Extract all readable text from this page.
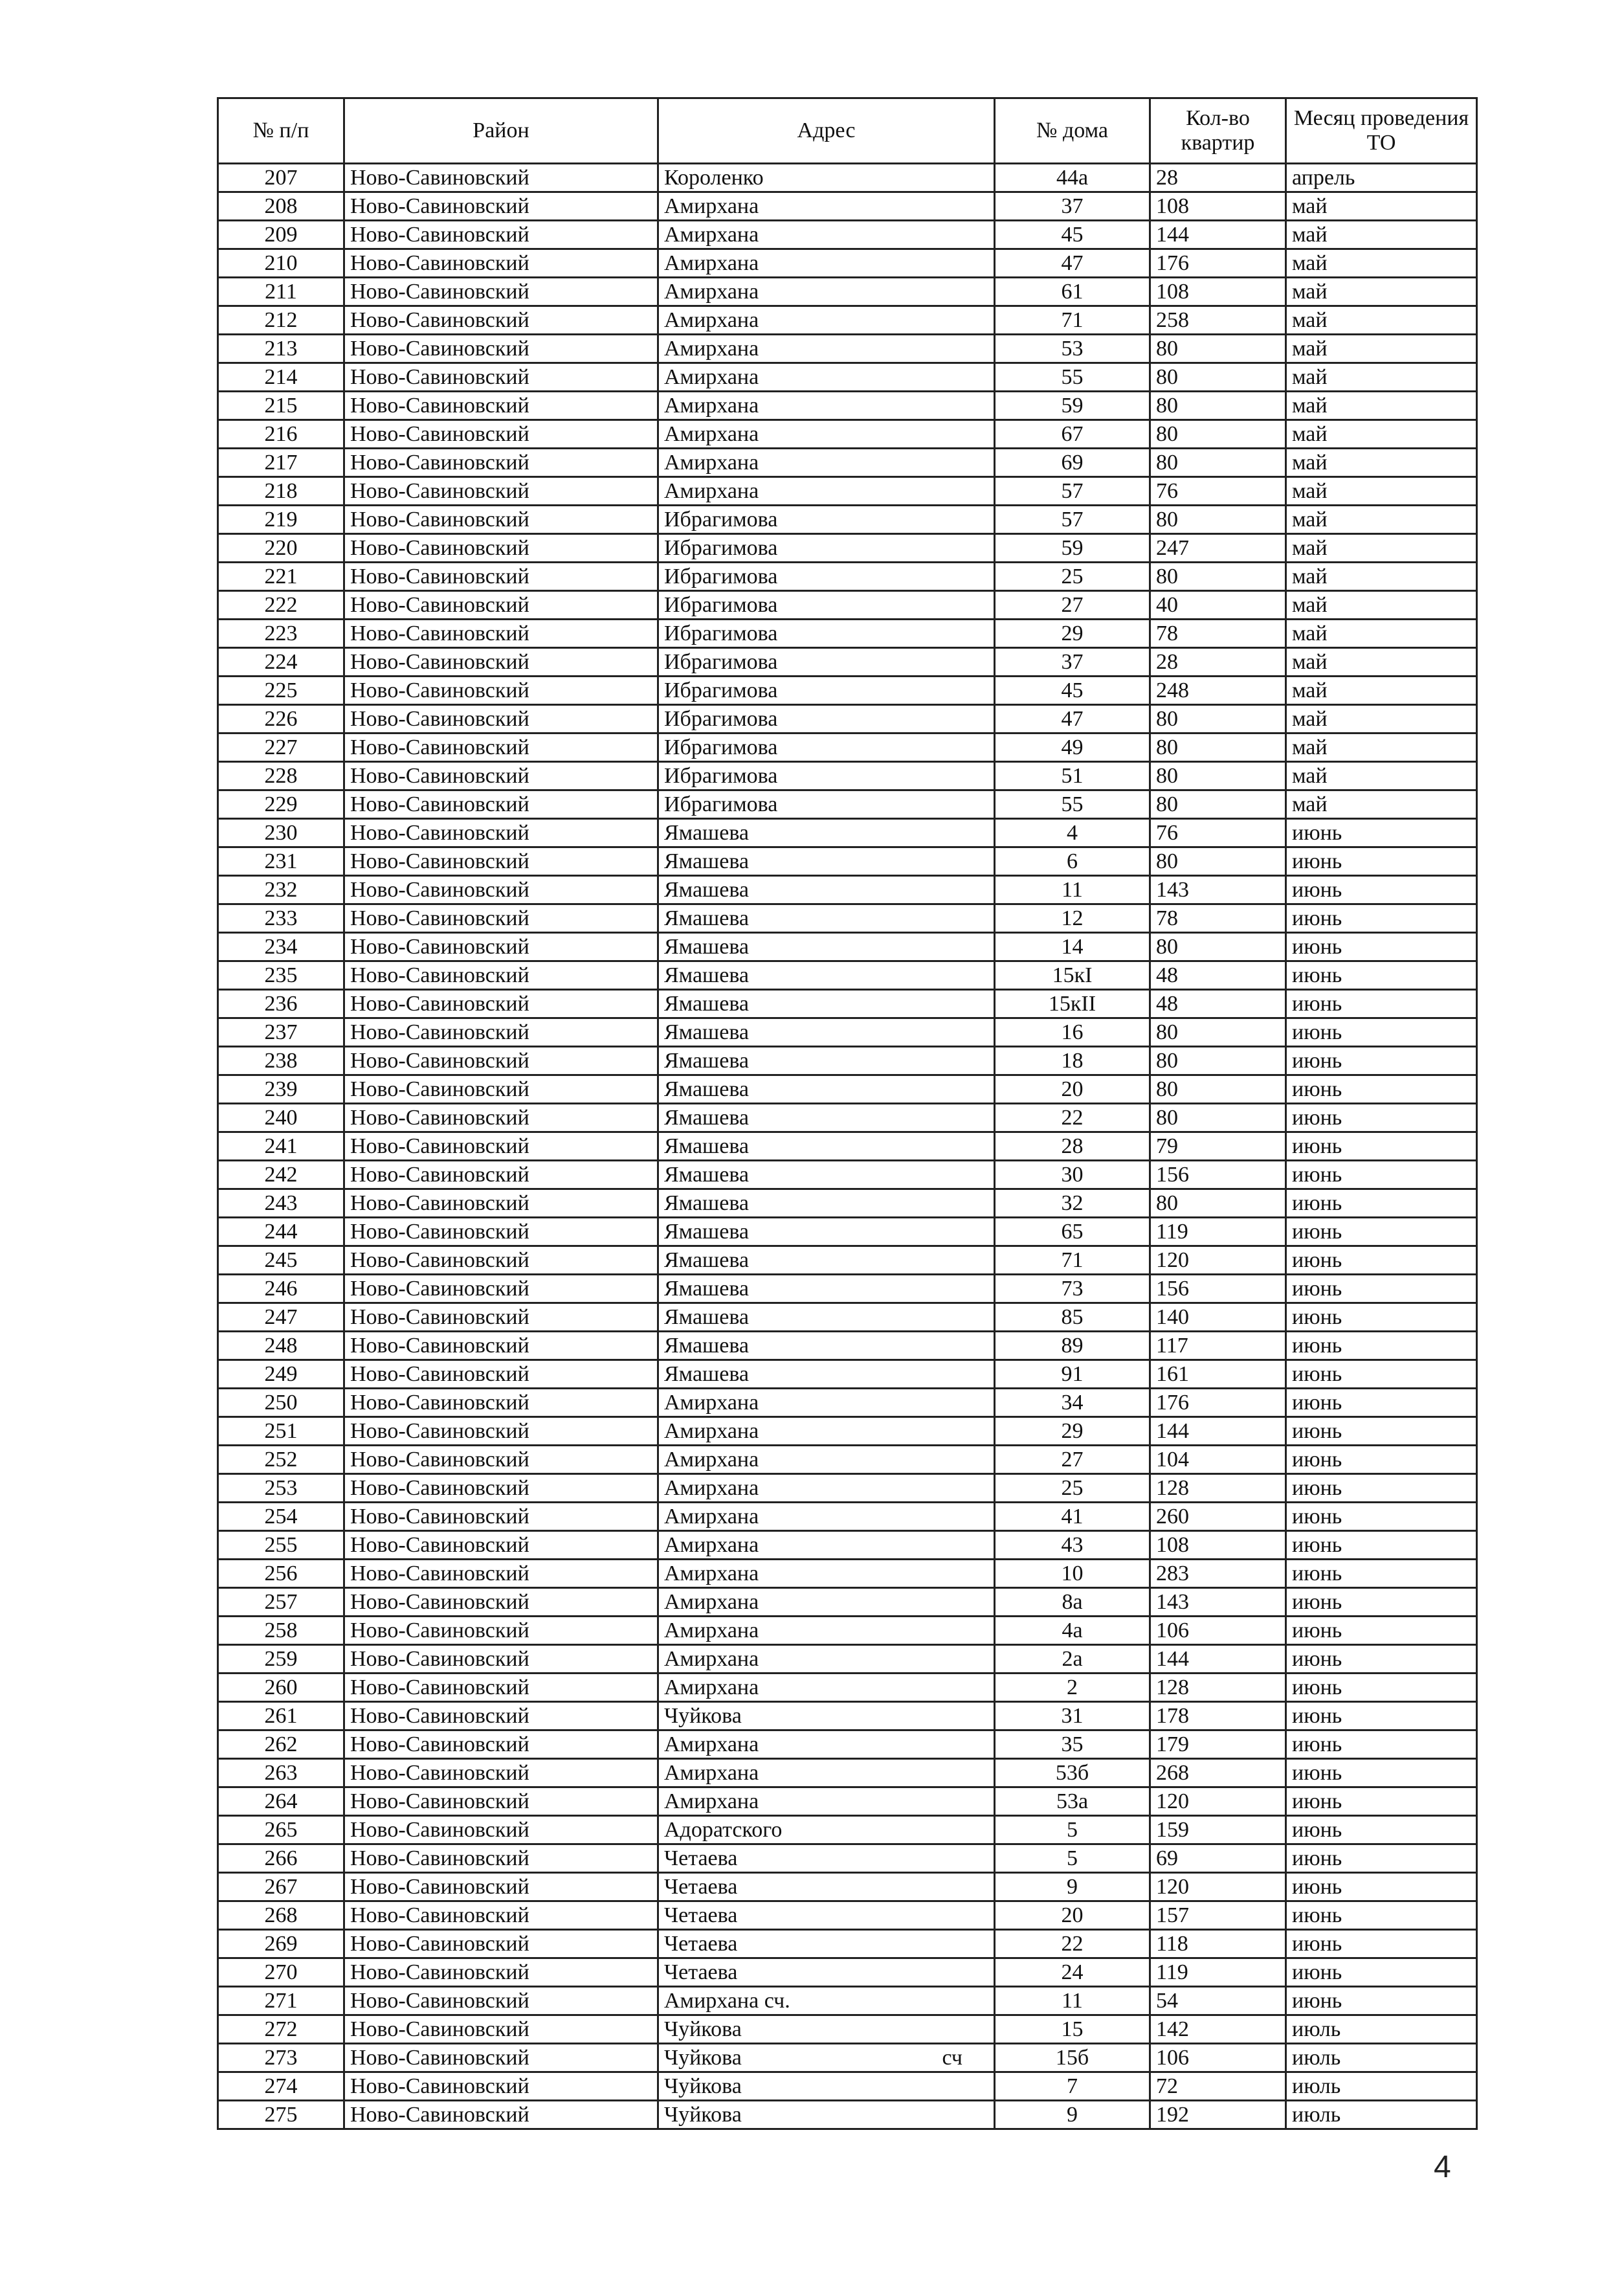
№ п/п	Район	Адрес	№ дома	Кол-во квартир	Месяц проведения ТО
207	Ново-Савиновский	Короленко	44а	28	апрель
208	Ново-Савиновский	Амирхана	37	108	май
209	Ново-Савиновский	Амирхана	45	144	май
210	Ново-Савиновский	Амирхана	47	176	май
211	Ново-Савиновский	Амирхана	61	108	май
212	Ново-Савиновский	Амирхана	71	258	май
213	Ново-Савиновский	Амирхана	53	80	май
214	Ново-Савиновский	Амирхана	55	80	май
215	Ново-Савиновский	Амирхана	59	80	май
216	Ново-Савиновский	Амирхана	67	80	май
217	Ново-Савиновский	Амирхана	69	80	май
218	Ново-Савиновский	Амирхана	57	76	май
219	Ново-Савиновский	Ибрагимова	57	80	май
220	Ново-Савиновский	Ибрагимова	59	247	май
221	Ново-Савиновский	Ибрагимова	25	80	май
222	Ново-Савиновский	Ибрагимова	27	40	май
223	Ново-Савиновский	Ибрагимова	29	78	май
224	Ново-Савиновский	Ибрагимова	37	28	май
225	Ново-Савиновский	Ибрагимова	45	248	май
226	Ново-Савиновский	Ибрагимова	47	80	май
227	Ново-Савиновский	Ибрагимова	49	80	май
228	Ново-Савиновский	Ибрагимова	51	80	май
229	Ново-Савиновский	Ибрагимова	55	80	май
230	Ново-Савиновский	Ямашева	4	76	июнь
231	Ново-Савиновский	Ямашева	6	80	июнь
232	Ново-Савиновский	Ямашева	11	143	июнь
233	Ново-Савиновский	Ямашева	12	78	июнь
234	Ново-Савиновский	Ямашева	14	80	июнь
235	Ново-Савиновский	Ямашева	15кI	48	июнь
236	Ново-Савиновский	Ямашева	15кII	48	июнь
237	Ново-Савиновский	Ямашева	16	80	июнь
238	Ново-Савиновский	Ямашева	18	80	июнь
239	Ново-Савиновский	Ямашева	20	80	июнь
240	Ново-Савиновский	Ямашева	22	80	июнь
241	Ново-Савиновский	Ямашева	28	79	июнь
242	Ново-Савиновский	Ямашева	30	156	июнь
243	Ново-Савиновский	Ямашева	32	80	июнь
244	Ново-Савиновский	Ямашева	65	119	июнь
245	Ново-Савиновский	Ямашева	71	120	июнь
246	Ново-Савиновский	Ямашева	73	156	июнь
247	Ново-Савиновский	Ямашева	85	140	июнь
248	Ново-Савиновский	Ямашева	89	117	июнь
249	Ново-Савиновский	Ямашева	91	161	июнь
250	Ново-Савиновский	Амирхана	34	176	июнь
251	Ново-Савиновский	Амирхана	29	144	июнь
252	Ново-Савиновский	Амирхана	27	104	июнь
253	Ново-Савиновский	Амирхана	25	128	июнь
254	Ново-Савиновский	Амирхана	41	260	июнь
255	Ново-Савиновский	Амирхана	43	108	июнь
256	Ново-Савиновский	Амирхана	10	283	июнь
257	Ново-Савиновский	Амирхана	8а	143	июнь
258	Ново-Савиновский	Амирхана	4а	106	июнь
259	Ново-Савиновский	Амирхана	2а	144	июнь
260	Ново-Савиновский	Амирхана	2	128	июнь
261	Ново-Савиновский	Чуйкова	31	178	июнь
262	Ново-Савиновский	Амирхана	35	179	июнь
263	Ново-Савиновский	Амирхана	53б	268	июнь
264	Ново-Савиновский	Амирхана	53а	120	июнь
265	Ново-Савиновский	Адоратского	5	159	июнь
266	Ново-Савиновский	Четаева	5	69	июнь
267	Ново-Савиновский	Четаева	9	120	июнь
268	Ново-Савиновский	Четаева	20	157	июнь
269	Ново-Савиновский	Четаева	22	118	июнь
270	Ново-Савиновский	Четаева	24	119	июнь
271	Ново-Савиновский	Амирхана сч.	11	54	июнь
272	Ново-Савиновский	Чуйкова	15	142	июль
273	Ново-Савиновский	Чуйкова сч	15б	106	июль
274	Ново-Савиновский	Чуйкова	7	72	июль
275	Ново-Савиновский	Чуйкова	9	192	июль
4
